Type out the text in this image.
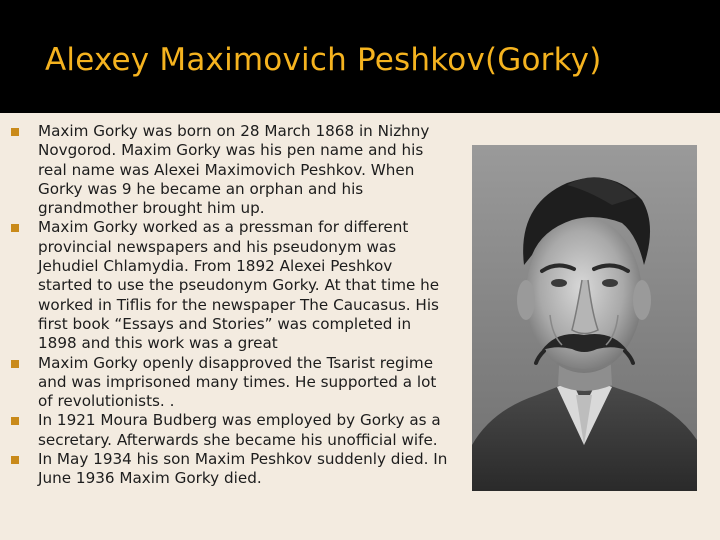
Alexey Maximovich Peshkov(Gorky)
Maxim Gorky was born on 28 March 1868 in Nizhny Novgorod. Maxim Gorky was his pen name and his real name was Alexei Maximovich Peshkov. When Gorky was 9 he became an orphan and his grandmother brought him up.
Maxim Gorky worked as a pressman for different provincial newspapers and his pseudonym was Jehudiel Chlamydia. From 1892 Alexei Peshkov started to use the pseudonym Gorky. At that time he worked in Tiflis for the newspaper The Caucasus. His first book “Essays and Stories” was completed in 1898 and this work was a great
Maxim Gorky openly disapproved the Tsarist regime and was imprisoned many times. He supported a lot of revolutionists. .
In 1921 Moura Budberg was employed by Gorky as a secretary. Afterwards she became his unofficial wife.
In May 1934 his son Maxim Peshkov suddenly died. In June 1936 Maxim Gorky died.
